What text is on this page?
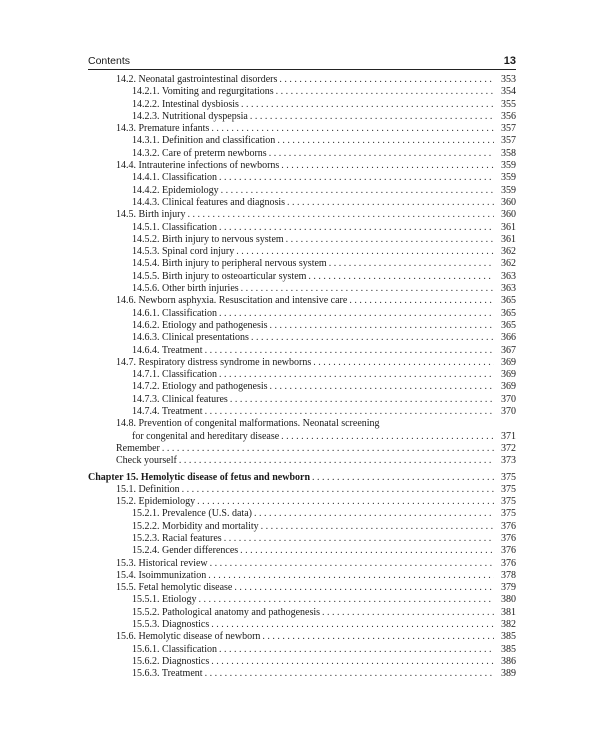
Contents	13
14.2. Neonatal gastrointestinal disorders . . .	353
14.2.1. Vomiting and regurgitations . . .	354
14.2.2. Intestinal dysbiosis . . .	355
14.2.3. Nutritional dyspepsia . . .	356
14.3. Premature infants . . .	357
14.3.1. Definition and classification . . .	357
14.3.2. Care of preterm newborns . . .	358
14.4. Intrauterine infections of newborns . . .	359
14.4.1. Classification . . .	359
14.4.2. Epidemiology . . .	359
14.4.3. Clinical features and diagnosis . . .	360
14.5. Birth injury . . .	360
14.5.1. Classification . . .	361
14.5.2. Birth injury to nervous system . . .	361
14.5.3. Spinal cord injury . . .	362
14.5.4. Birth injury to peripheral nervous system . . .	362
14.5.5. Birth injury to osteoarticular system . . .	363
14.5.6. Other birth injuries . . .	363
14.6. Newborn asphyxia. Resuscitation and intensive care . . .	365
14.6.1. Classification . . .	365
14.6.2. Etiology and pathogenesis . . .	365
14.6.3. Clinical presentations . . .	366
14.6.4. Treatment . . .	367
14.7. Respiratory distress syndrome in newborns . . .	369
14.7.1. Classification . . .	369
14.7.2. Etiology and pathogenesis . . .	369
14.7.3. Clinical features . . .	370
14.7.4. Treatment . . .	370
14.8. Prevention of congenital malformations. Neonatal screening
for congenital and hereditary disease . . .	371
Remember . . .	372
Check yourself . . .	373
Chapter 15. Hemolytic disease of fetus and newborn . . .	375
15.1. Definition . . .	375
15.2. Epidemiology . . .	375
15.2.1. Prevalence (U.S. data) . . .	375
15.2.2. Morbidity and mortality . . .	376
15.2.3. Racial features . . .	376
15.2.4. Gender differences . . .	376
15.3. Historical review . . .	376
15.4. Isoimmunization . . .	378
15.5. Fetal hemolytic disease . . .	379
15.5.1. Etiology . . .	380
15.5.2. Pathological anatomy and pathogenesis . . .	381
15.5.3. Diagnostics . . .	382
15.6. Hemolytic disease of newborn . . .	385
15.6.1. Classification . . .	385
15.6.2. Diagnostics . . .	386
15.6.3. Treatment . . .	389
